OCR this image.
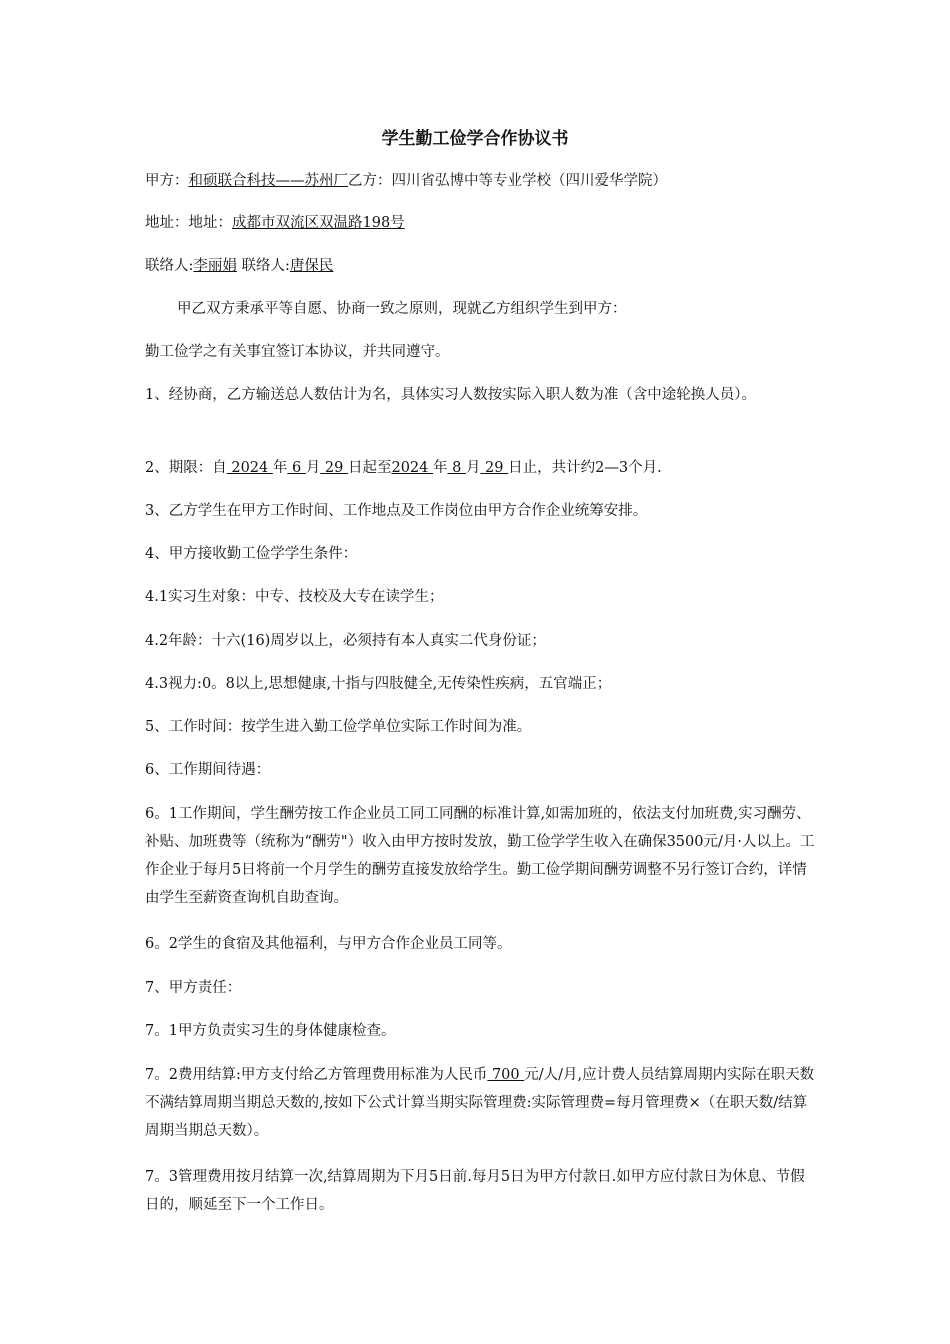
学生勤工俭学合作协议书

甲方：和硕联合科技——苏州厂乙方：四川省弘博中等专业学校（四川爱华学院）

地址：地址：成都市双流区双温路198号

联络人:李丽娟 联络人:唐保民

甲乙双方秉承平等自愿、协商一致之原则，现就乙方组织学生到甲方：

勤工俭学之有关事宜签订本协议，并共同遵守。

1、经协商，乙方输送总人数估计为名，具体实习人数按实际入职人数为准（含中途轮换人员）。

2、期限：自 2024 年 6 月 29 日起至2024 年 8 月 29 日止，共计约2—3个月.

3、乙方学生在甲方工作时间、工作地点及工作岗位由甲方合作企业统筹安排。

4、甲方接收勤工俭学学生条件：

4.1实习生对象：中专、技校及大专在读学生；

4.2年龄：十六(16)周岁以上，必须持有本人真实二代身份证；

4.3视力:0。8以上,思想健康,十指与四肢健全,无传染性疾病，五官端正；

5、工作时间：按学生进入勤工俭学单位实际工作时间为准。

6、工作期间待遇：

6。1工作期间，学生酬劳按工作企业员工同工同酬的标准计算,如需加班的，依法支付加班费,实习酬劳、补贴、加班费等（统称为“酬劳"）收入由甲方按时发放，勤工俭学学生收入在确保3500元/月·人以上。工作企业于每月5日将前一个月学生的酬劳直接发放给学生。勤工俭学期间酬劳调整不另行签订合约，详情由学生至薪资查询机自助查询。

6。2学生的食宿及其他福利，与甲方合作企业员工同等。

7、甲方责任：

7。1甲方负责实习生的身体健康检查。

7。2费用结算:甲方支付给乙方管理费用标准为人民币 700 元/人/月,应计费人员结算周期内实际在职天数不满结算周期当期总天数的,按如下公式计算当期实际管理费:实际管理费=每月管理费×（在职天数/结算周期当期总天数）。

7。3管理费用按月结算一次,结算周期为下月5日前.每月5日为甲方付款日.如甲方应付款日为休息、节假日的，顺延至下一个工作日。
